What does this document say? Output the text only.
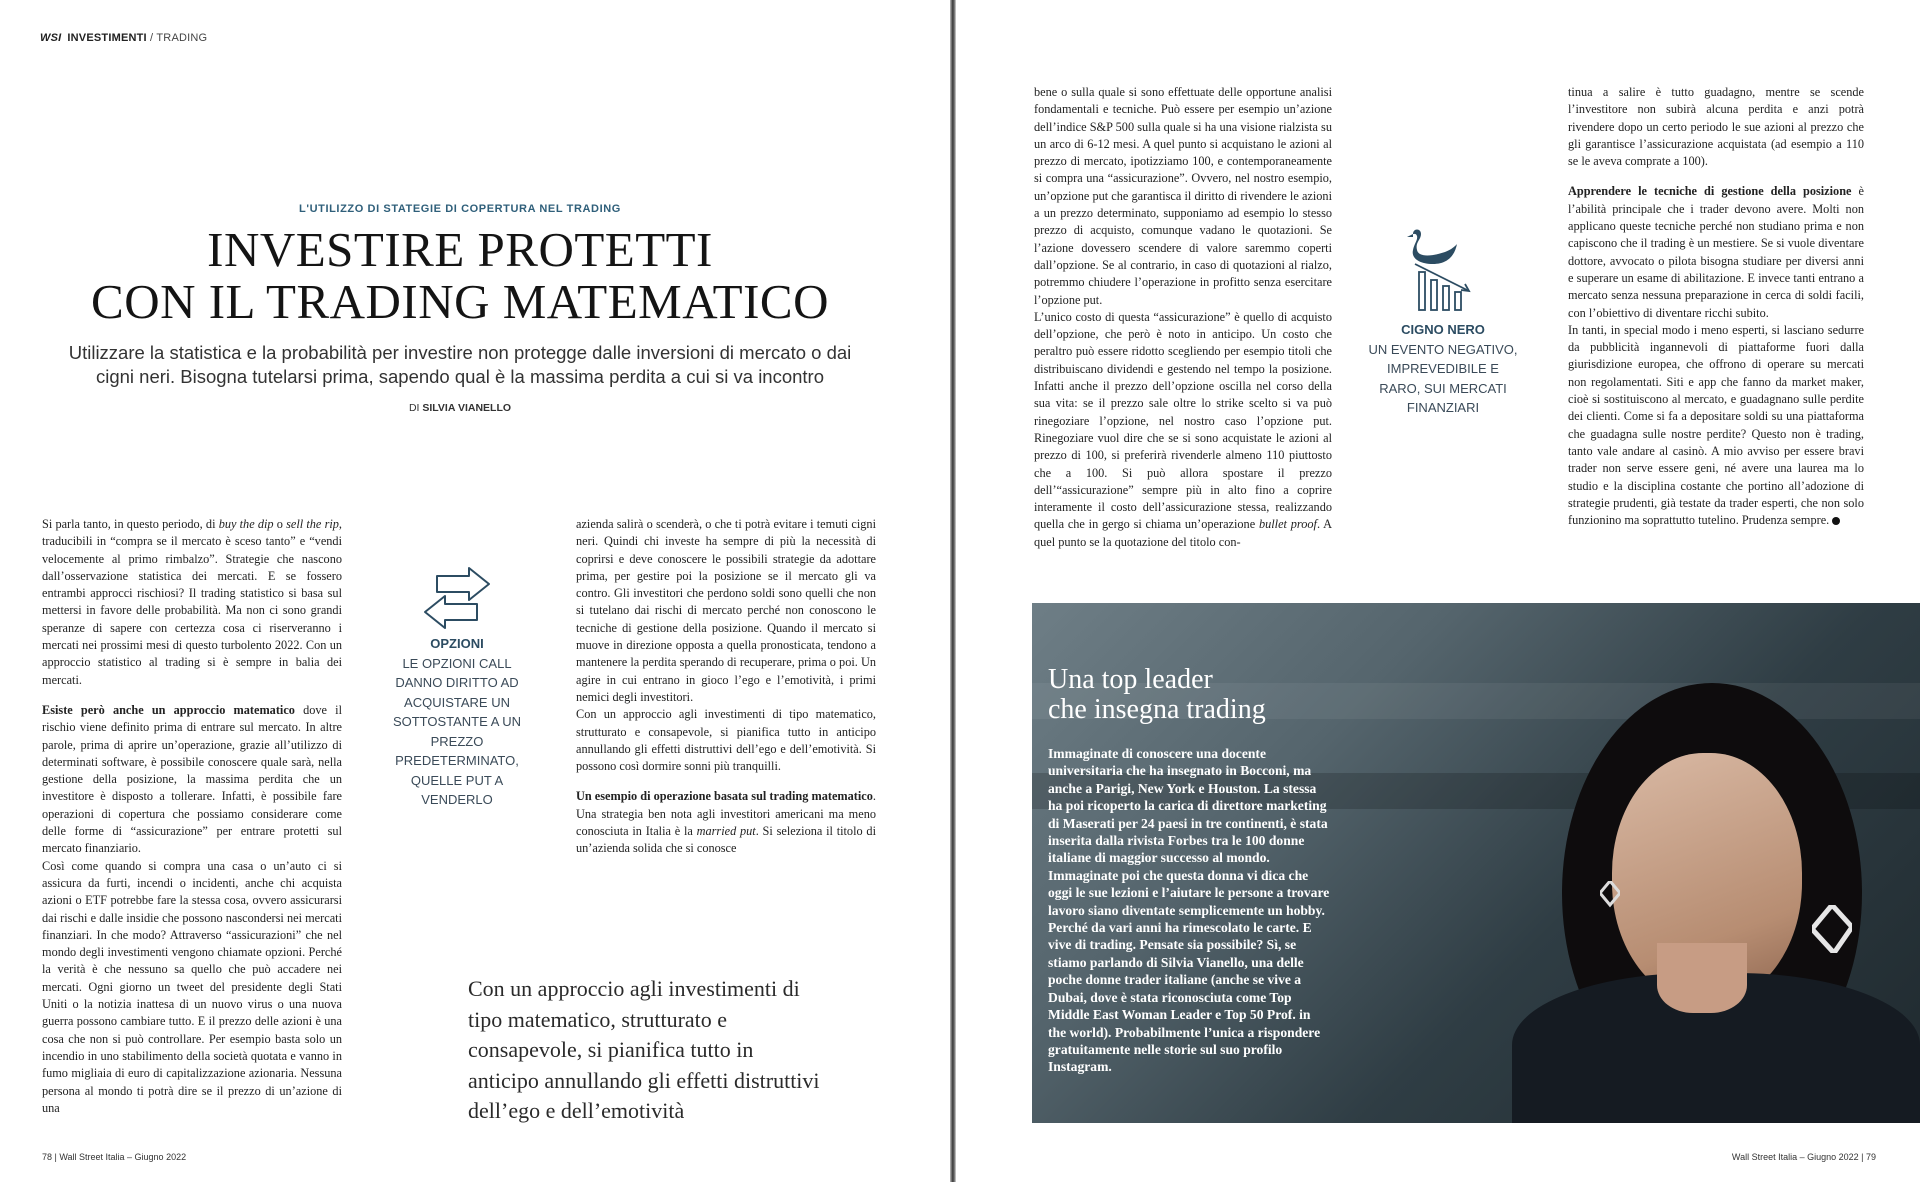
WSI INVESTIMENTI / TRADING
L'UTILIZZO DI STATEGIE DI COPERTURA NEL TRADING
INVESTIRE PROTETTI
CON IL TRADING MATEMATICO

Utilizzare la statistica e la probabilità per investire non protegge dalle inversioni di mercato o dai cigni neri. Bisogna tutelarsi prima, sapendo qual è la massima perdita a cui si va incontro

DI SILVIA VIANELLO

Si parla tanto, in questo periodo, di buy the dip o sell the rip, traducibili in “compra se il mercato è sceso tanto” e “vendi velocemente al primo rimbalzo”. Strategie che nascono dall’osservazione statistica dei mercati. E se fossero entrambi approcci rischiosi? Il trading statistico si basa sul mettersi in favore delle probabilità. Ma non ci sono grandi speranze di sapere con certezza cosa ci riserveranno i mercati nei prossimi mesi di questo turbolento 2022. Con un approccio statistico al trading si è sempre in balia dei mercati.

Esiste però anche un approccio matematico dove il rischio viene definito prima di entrare sul mercato. In altre parole, prima di aprire un’operazione, grazie all’utilizzo di determinati software, è possibile conoscere quale sarà, nella gestione della posizione, la massima perdita che un investitore è disposto a tollerare. Infatti, è possibile fare operazioni di copertura che possiamo considerare come delle forme di “assicurazione” per entrare protetti sul mercato finanziario.

Così come quando si compra una casa o un’auto ci si assicura da furti, incendi o incidenti, anche chi acquista azioni o ETF potrebbe fare la stessa cosa, ovvero assicurarsi dai rischi e dalle insidie che possono nascondersi nei mercati finanziari. In che modo? Attraverso “assicurazioni” che nel mondo degli investimenti vengono chiamate opzioni. Perché la verità è che nessuno sa quello che può accadere nei mercati. Ogni giorno un tweet del presidente degli Stati Uniti o la notizia inattesa di un nuovo virus o una nuova guerra possono cambiare tutto. E il prezzo delle azioni è una cosa che non si può controllare. Per esempio basta solo un incendio in uno stabilimento della società quotata e vanno in fumo migliaia di euro di capitalizzazione azionaria. Nessuna persona al mondo ti potrà dire se il prezzo di un’azione di una

OPZIONI
LE OPZIONI CALL DANNO DIRITTO AD ACQUISTARE UN SOTTOSTANTE A UN PREZZO PREDETERMINATO, QUELLE PUT A VENDERLO

azienda salirà o scenderà, o che ti potrà evitare i temuti cigni neri. Quindi chi investe ha sempre di più la necessità di coprirsi e deve conoscere le possibili strategie da adottare prima, per gestire poi la posizione se il mercato gli va contro. Gli investitori che perdono soldi sono quelli che non si tutelano dai rischi di mercato perché non conoscono le tecniche di gestione della posizione. Quando il mercato si muove in direzione opposta a quella pronosticata, tendono a mantenere la perdita sperando di recuperare, prima o poi. Un agire in cui entrano in gioco l’ego e l’emotività, i primi nemici degli investitori.

Con un approccio agli investimenti di tipo matematico, strutturato e consapevole, si pianifica tutto in anticipo annullando gli effetti distruttivi dell’ego e dell’emotività. Si possono così dormire sonni più tranquilli.

Un esempio di operazione basata sul trading matematico. Una strategia ben nota agli investitori americani ma meno conosciuta in Italia è la married put. Si seleziona il titolo di un’azienda solida che si conosce

Con un approccio agli investimenti di tipo matematico, strutturato e consapevole, si pianifica tutto in anticipo annullando gli effetti distruttivi dell’ego e dell’emotività
78 | Wall Street Italia – Giugno 2022

bene o sulla quale si sono effettuate delle opportune analisi fondamentali e tecniche. Può essere per esempio un’azione dell’indice S&P 500 sulla quale si ha una visione rialzista su un arco di 6-12 mesi. A quel punto si acquistano le azioni al prezzo di mercato, ipotizziamo 100, e contemporaneamente si compra una “assicurazione”. Ovvero, nel nostro esempio, un’opzione put che garantisca il diritto di rivendere le azioni a un prezzo determinato, supponiamo ad esempio lo stesso prezzo di acquisto, comunque vadano le quotazioni. Se l’azione dovessero scendere di valore saremmo coperti dall’opzione. Se al contrario, in caso di quotazioni al rialzo, potremmo chiudere l’operazione in profitto senza esercitare l’opzione put.

L’unico costo di questa “assicurazione” è quello di acquisto dell’opzione, che però è noto in anticipo. Un costo che peraltro può essere ridotto scegliendo per esempio titoli che distribuiscano dividendi e gestendo nel tempo la posizione. Infatti anche il prezzo dell’opzione oscilla nel corso della sua vita: se il prezzo sale oltre lo strike scelto si va può rinegoziare l’opzione, nel nostro caso l’opzione put. Rinegoziare vuol dire che se si sono acquistate le azioni al prezzo di 100, si preferirà rivenderle almeno 110 piuttosto che a 100. Si può allora spostare il prezzo dell’“assicurazione” sempre più in alto fino a coprire interamente il costo dell’assicurazione stessa, realizzando quella che in gergo si chiama un’operazione bullet proof. A quel punto se la quotazione del titolo con-

CIGNO NERO
UN EVENTO NEGATIVO, IMPREVEDIBILE E RARO, SUI MERCATI FINANZIARI

tinua a salire è tutto guadagno, mentre se scende l’investitore non subirà alcuna perdita e anzi potrà rivendere dopo un certo periodo le sue azioni al prezzo che gli garantisce l’assicurazione acquistata (ad esempio a 110 se le aveva comprate a 100).

Apprendere le tecniche di gestione della posizione è l’abilità principale che i trader devono avere. Molti non applicano queste tecniche perché non studiano prima e non capiscono che il trading è un mestiere. Se si vuole diventare dottore, avvocato o pilota bisogna studiare per diversi anni e superare un esame di abilitazione. E invece tanti entrano a mercato senza nessuna preparazione in cerca di soldi facili, con l’obiettivo di diventare ricchi subito.

In tanti, in special modo i meno esperti, si lasciano sedurre da pubblicità ingannevoli di piattaforme fuori dalla giurisdizione europea, che offrono di operare su mercati non regolamentati. Siti e app che fanno da market maker, cioè si sostituiscono al mercato, e guadagnano sulle perdite dei clienti. Come si fa a depositare soldi su una piattaforma che guadagna sulle nostre perdite? Questo non è trading, tanto vale andare al casinò. A mio avviso per essere bravi trader non serve essere geni, né avere una laurea ma lo studio e la disciplina costante che portino all’adozione di strategie prudenti, già testate da trader esperti, che non solo funzionino ma soprattutto tutelino. Prudenza sempre.

Wall Street Italia – Giugno 2022 | 79
Una top leader
che insegna trading
Immaginate di conoscere una docente universitaria che ha insegnato in Bocconi, ma anche a Parigi, New York e Houston. La stessa ha poi ricoperto la carica di direttore marketing di Maserati per 24 paesi in tre continenti, è stata inserita dalla rivista Forbes tra le 100 donne italiane di maggior successo al mondo. Immaginate poi che questa donna vi dica che oggi le sue lezioni e l’aiutare le persone a trovare lavoro siano diventate semplicemente un hobby. Perché da vari anni ha rimescolato le carte. E vive di trading. Pensate sia possibile? Sì, se stiamo parlando di Silvia Vianello, una delle poche donne trader italiane (anche se vive a Dubai, dove è stata riconosciuta come Top Middle East Woman Leader e Top 50 Prof. in the world). Probabilmente l’unica a rispondere gratuitamente nelle storie sul suo profilo Instagram.
